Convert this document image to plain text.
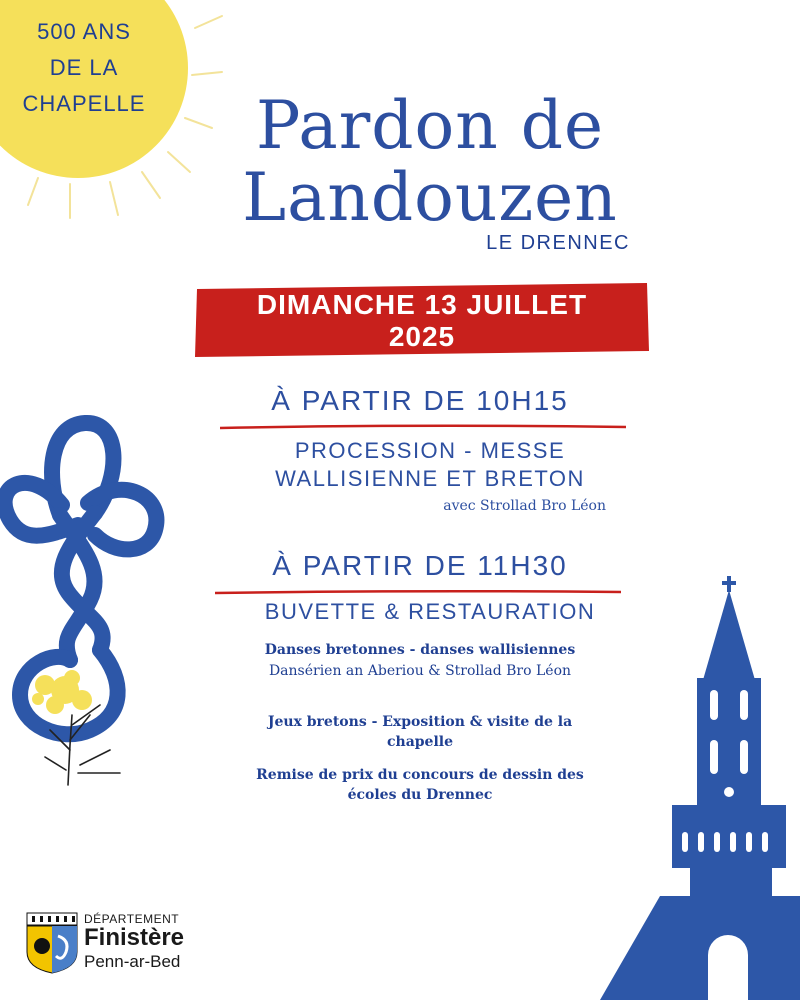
500 ANS
DE LA
CHAPELLE	Pardon de
Landouzen
LE DRENNEC
DIMANCHE 13 JUILLET
2025
À PARTIR DE 10H15
PROCESSION - MESSE
WALLISIENNE ET BRETON
avec Strollad Bro Léon
À PARTIR DE 11H30
BUVETTE & RESTAURATION
Danses bretonnes - danses wallisiennes
Dansérien an Aberiou & Strollad Bro Léon
Jeux bretons - Exposition & visite de la chapelle
Remise de prix du concours de dessin des écoles du Drennec
DÉPARTEMENT
Finistère
Penn-ar-Bed
